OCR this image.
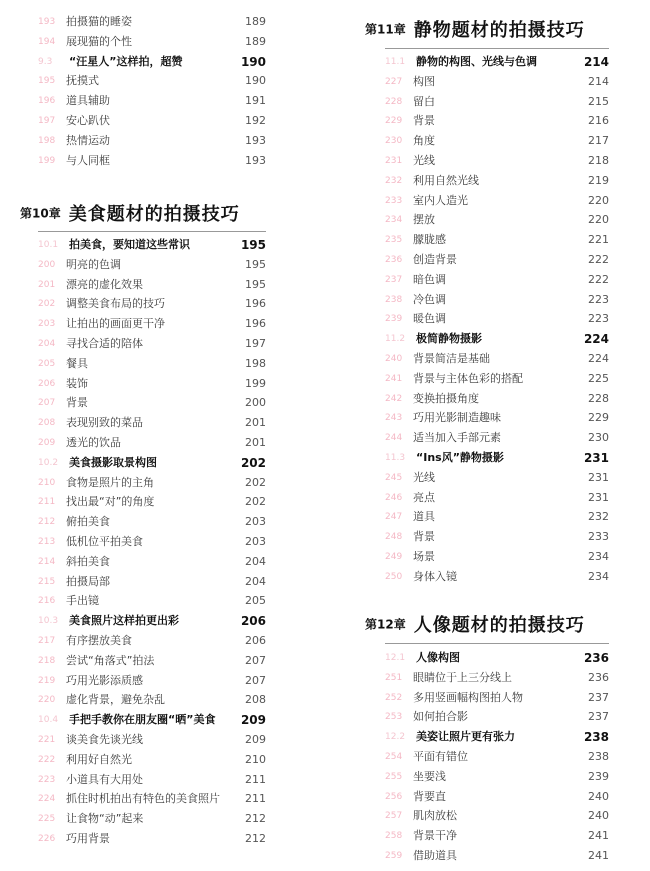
193 拍摄猫的睡姿	189
194 展现猫的个性	189
9.3	“汪星人”这样拍，超赞	190
195 抚摸式	190
196 道具辅助	191
197 安心趴伏	192
198 热情运动	193
199 与人同框	193
第10章 美食题材的拍摄技巧
10.1 拍美食，要知道这些常识	195
200 明亮的色调	195
201 漂亮的虚化效果	195
202 调整美食布局的技巧	196
203 让拍出的画面更干净	196
204 寻找合适的陪体	197
205 餐具	198
206 装饰	199
207 背景	200
208 表现别致的菜品	201
209 透光的饮品	201
10.2 美食摄影取景构图	202
210 食物是照片的主角	202
211 找出最“对”的角度	202
212 俯拍美食	203
213 低机位平拍美食	203
214 斜拍美食	204
215 拍摄局部	204
216 手出镜	205
10.3 美食照片这样拍更出彩	206
217 有序摆放美食	206
218 尝试“角落式”拍法	207
219 巧用光影添质感	207
220 虚化背景，避免杂乱	208
10.4 手把手教你在朋友圈“晒”美食 209
221 谈美食先谈光线	209
222 利用好自然光	210
223 小道具有大用处	211
224 抓住时机拍出有特色的美食照片 211
225 让食物“动”起来	212
226 巧用背景	212
第11章 静物题材的拍摄技巧
11.1 静物的构图、光线与色调	214
227 构图	214
228 留白	215
229 背景	216
230 角度	217
231 光线	218
232 利用自然光线	219
233 室内人造光	220
234 摆放	220
235 朦胧感	221
236 创造背景	222
237 暗色调	222
238 冷色调	223
239 暖色调	223
11.2 极简静物摄影	224
240 背景简洁是基础	224
241 背景与主体色彩的搭配	225
242 变换拍摄角度	228
243 巧用光影制造趣味	229
244 适当加入手部元素	230
11.3 “Ins风”静物摄影	231
245 光线	231
246 亮点	231
247 道具	232
248 背景	233
249 场景	234
250 身体入镜	234
第12章 人像题材的拍摄技巧
12.1 人像构图	236
251 眼睛位于上三分线上	236
252 多用竖画幅构图拍人物	237
253 如何拍合影	237
12.2 美姿让照片更有张力	238
254 平面有错位	238
255 坐要浅	239
256 背要直	240
257 肌肉放松	240
258 背景干净	241
259 借助道具	241
